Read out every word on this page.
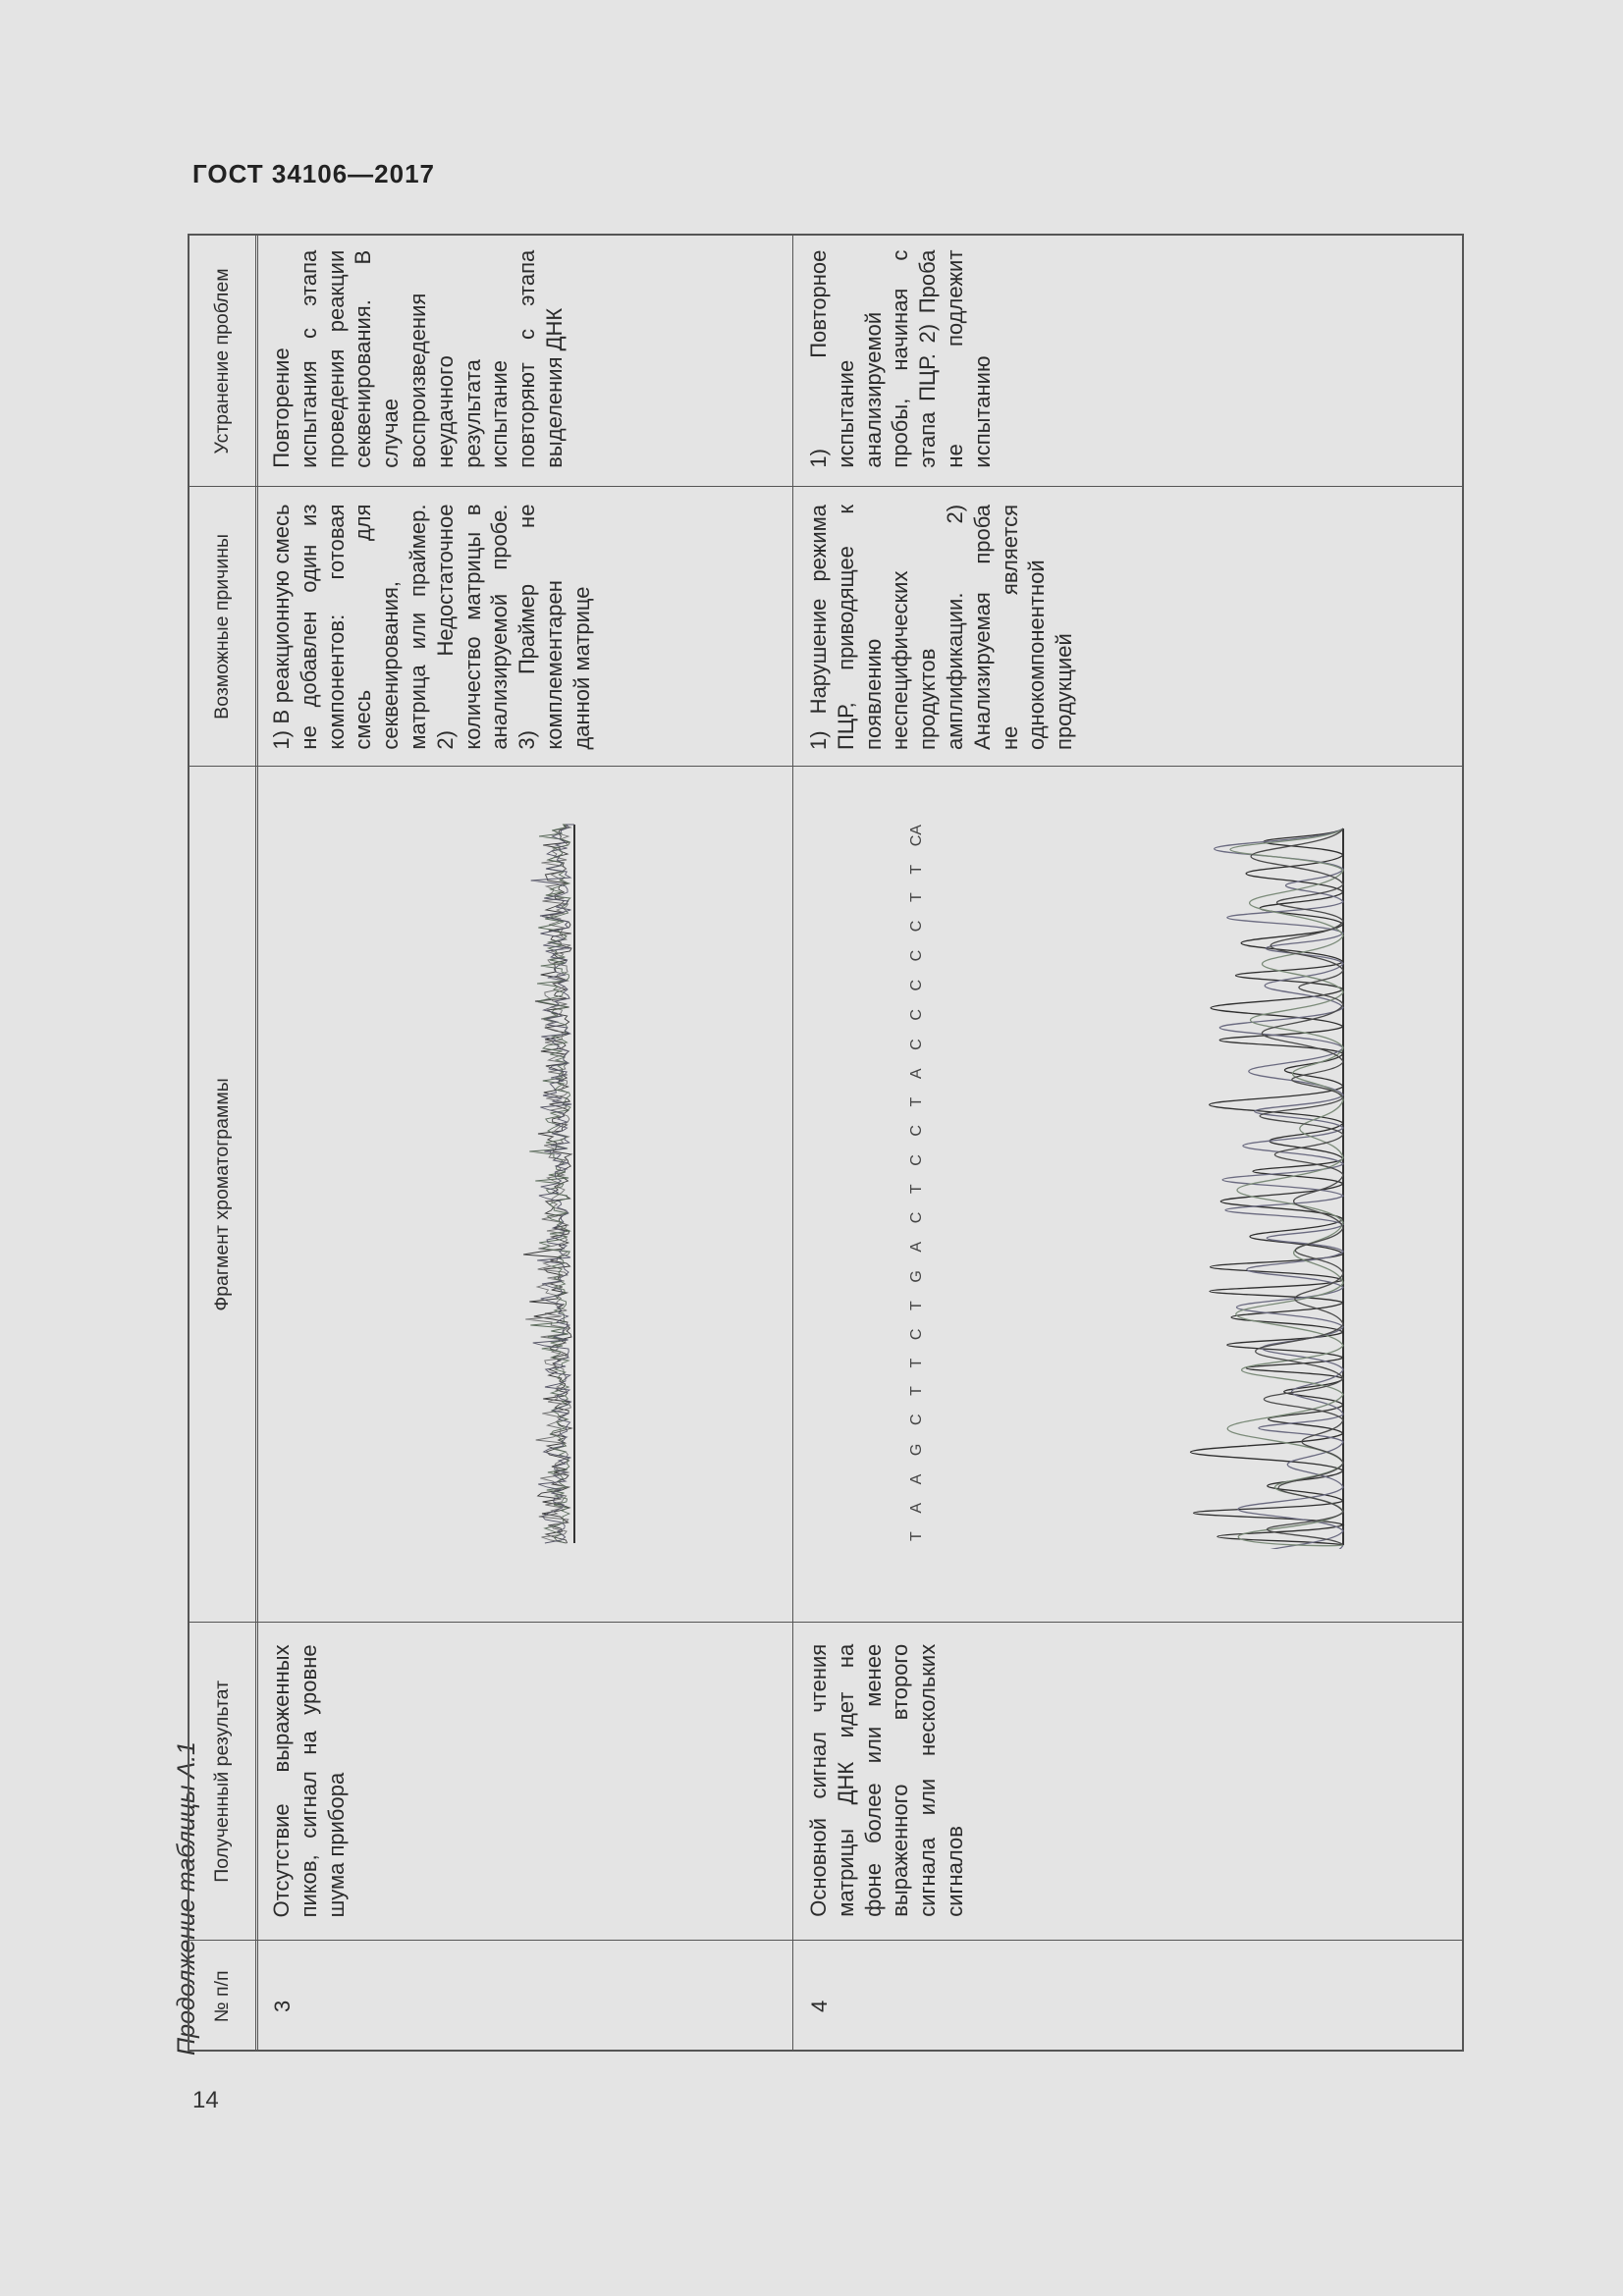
ГОСТ 34106—2017
Продолжение таблицы А.1
14
№ п/п
Полученный результат
Фрагмент хроматограммы
Возможные причины
Устранение проблем
3
Отсутствие выраженных пиков, сигнал на уровне шума прибора
1) В реакционную смесь не добавлен один из компонентов: готовая смесь для секвенирования, матрица или праймер. 2) Недостаточное количество матрицы в анализируемой пробе. 3) Праймер не комплементарен данной матрице
Повторение испытания с этапа проведения реакции секвенирования. В случае воспроизведения неудачного результата испытание повторяют с этапа выделения ДНК
4
Основной сигнал чтения матрицы ДНК идет на фоне более или менее выраженного второго сигнала или нескольких сигналов
1) Нарушение режима ПЦР, приводящее к появлению неспецифических продуктов амплификации. 2) Анализируемая проба не является однокомпонентной продукцией
1) Повторное испытание анализируемой пробы, начиная с этапа ПЦР. 2) Проба не подлежит испытанию
T
A
A
G
C
T
T
C
T
G
A
C
T
C
C
T
A
C
C
C
C
C
T
T
CA
